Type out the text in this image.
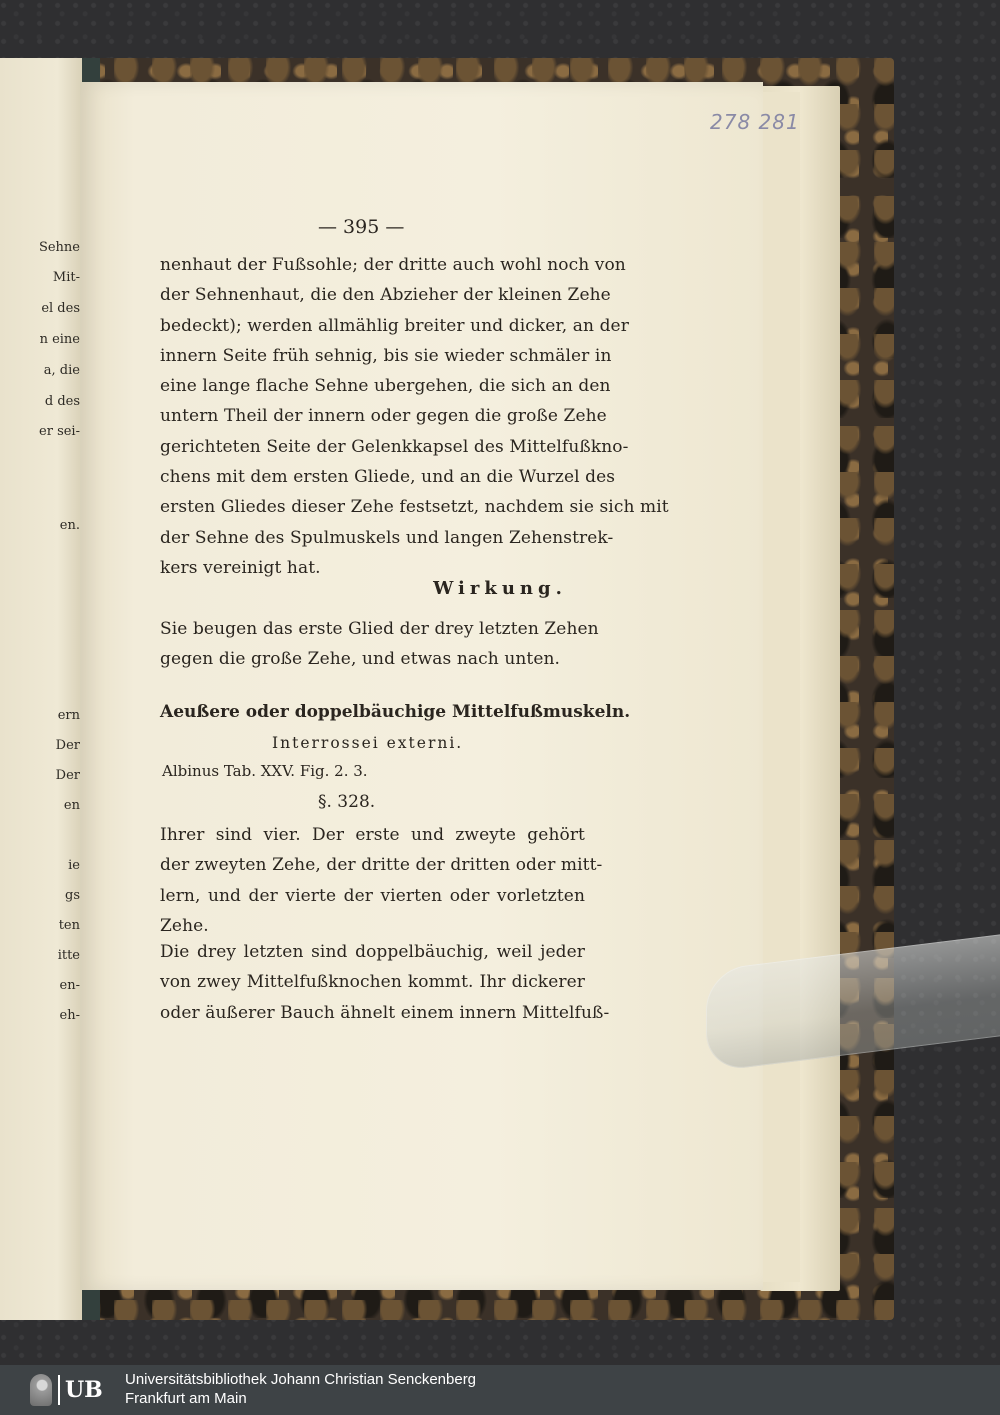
Sehne
Mit-
el des
n eine
a, die
d des
er sei-
en.
ern
Der
Der
en
ie
gs
ten
itte
en-
eh-
278 281
— 395 —
nenhaut der Fußsohle; der dritte auch wohl noch von
der Sehnenhaut, die den Abzieher der kleinen Zehe
bedeckt); werden allmählig breiter und dicker, an der
innern Seite früh sehnig, bis sie wieder schmäler in
eine lange flache Sehne ubergehen, die sich an den
untern Theil der innern oder gegen die große Zehe
gerichteten Seite der Gelenkkapsel des Mittelfußkno-
chens mit dem ersten Gliede, und an die Wurzel des
ersten Gliedes dieser Zehe festsetzt, nachdem sie sich mit
der Sehne des Spulmuskels und langen Zehenstrek-
kers vereinigt hat.
Wirkung.
Sie beugen das erste Glied der drey letzten Zehen
gegen die große Zehe, und etwas nach unten.
Aeußere oder doppelbäuchige Mittelfußmuskeln.
Interrossei externi.
Albinus Tab. XXV. Fig. 2. 3.
§. 328.
Ihrer sind vier. Der erste und zweyte gehört
der zweyten Zehe, der dritte der dritten oder mitt-
lern, und der vierte der vierten oder vorletzten
Zehe.
Die drey letzten sind doppelbäuchig, weil jeder
von zwey Mittelfußknochen kommt. Ihr dickerer
oder äußerer Bauch ähnelt einem innern Mittelfuß-
UB Universitätsbibliothek Johann Christian Senckenberg
Frankfurt am Main
